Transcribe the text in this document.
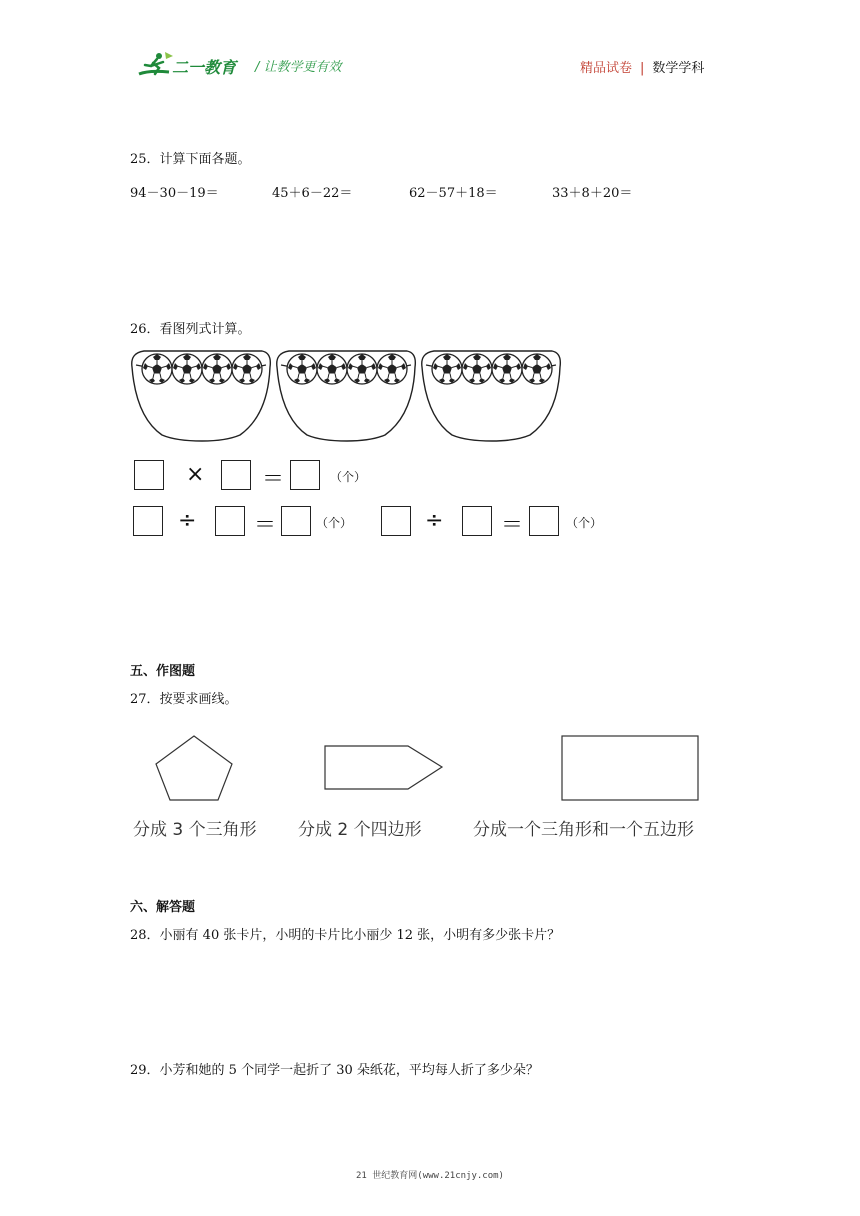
二一教育 / 让教学更有效	精品试卷 | 数学学科
25．计算下面各题。
94－30－19＝	45＋6－22＝	62－57＋18＝	33＋8＋20＝
26．看图列式计算。
×	＝	（个）
÷	＝	（个）	÷	＝	（个）
五、作图题
27．按要求画线。
分成 3 个三角形 分成 2 个四边形	分成一个三角形和一个五边形
六、解答题
28．小丽有 40 张卡片，小明的卡片比小丽少 12 张，小明有多少张卡片？
29．小芳和她的 5 个同学一起折了 30 朵纸花，平均每人折了多少朵？
21 世纪教育网(www.21cnjy.com)
